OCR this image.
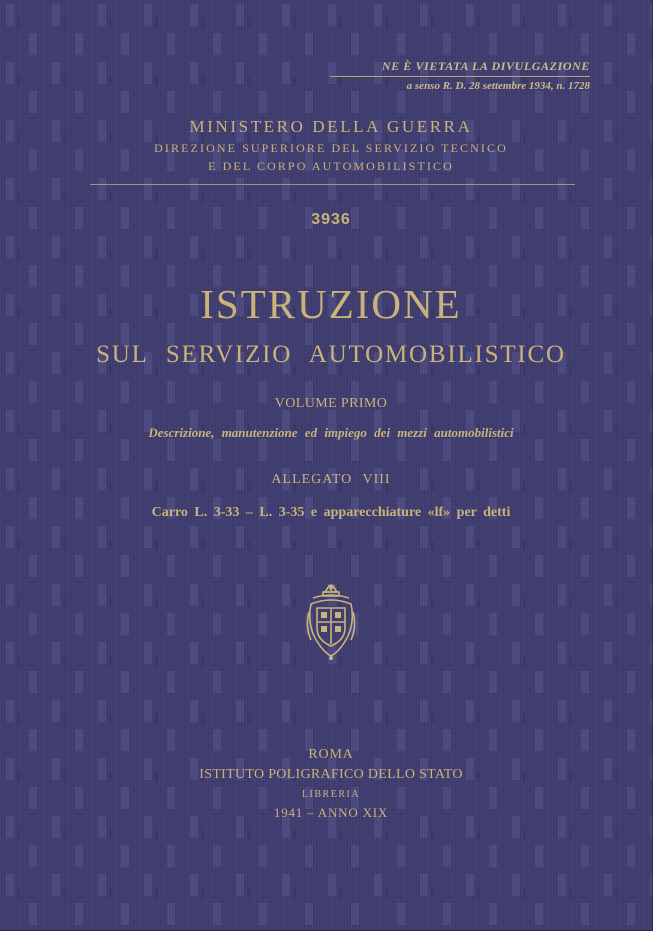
NE È VIETATA LA DIVULGAZIONE
a senso R. D. 28 settembre 1934, n. 1728
MINISTERO DELLA GUERRA
DIREZIONE SUPERIORE DEL SERVIZIO TECNICO
E DEL CORPO AUTOMOBILISTICO
3936
ISTRUZIONE
SUL SERVIZIO AUTOMOBILISTICO
VOLUME PRIMO
Descrizione, manutenzione ed impiego dei mezzi automobilistici
ALLEGATO VIII
Carro L. 3-33 – L. 3-35 e apparecchiature «lf» per detti
ROMA
ISTITUTO POLIGRAFICO DELLO STATO
LIBRERIA
1941 – ANNO XIX
